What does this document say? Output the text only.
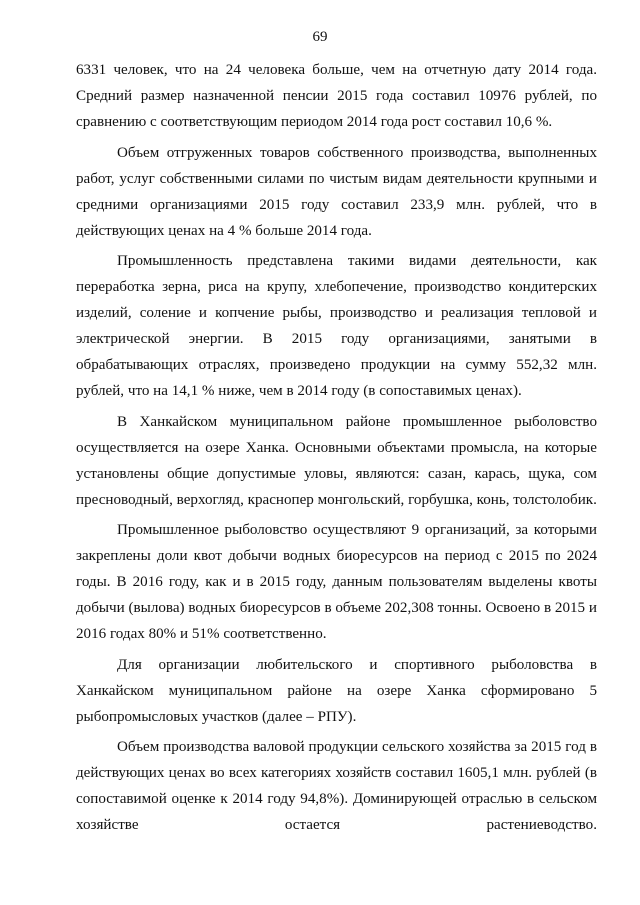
69

6331 человек, что на 24 человека больше, чем на отчетную дату 2014 года. Средний размер назначенной пенсии 2015 года составил 10976 рублей, по сравнению с соответствующим периодом 2014 года рост составил 10,6 %.

Объем отгруженных товаров собственного производства, выполненных работ, услуг собственными силами по чистым видам деятельности крупными и средними организациями 2015 году составил 233,9 млн. рублей, что в действующих ценах на 4 % больше 2014 года.

Промышленность представлена такими видами деятельности, как переработка зерна, риса на крупу, хлебопечение, производство кондитерских изделий, соление и копчение рыбы, производство и реализация тепловой и электрической энергии. В 2015 году организациями, занятыми в обрабатывающих отраслях, произведено продукции на сумму 552,32 млн. рублей, что на 14,1 % ниже, чем в 2014 году (в сопоставимых ценах).

В Ханкайском муниципальном районе промышленное рыболовство осуществляется на озере Ханка. Основными объектами промысла, на которые установлены общие допустимые уловы, являются: сазан, карась, щука, сом пресноводный, верхогляд, краснопер монгольский, горбушка, конь, толстолобик.

Промышленное рыболовство осуществляют 9 организаций, за которыми закреплены доли квот добычи водных биоресурсов на период с 2015 по 2024 годы. В 2016 году, как и в 2015 году, данным пользователям выделены квоты добычи (вылова) водных биоресурсов в объеме 202,308 тонны. Освоено в 2015 и 2016 годах 80% и 51% соответственно.

Для организации любительского и спортивного рыболовства в Ханкайском муниципальном районе на озере Ханка сформировано 5 рыбопромысловых участков (далее – РПУ).

Объем производства валовой продукции сельского хозяйства за 2015 год в действующих ценах во всех категориях хозяйств составил 1605,1 млн. рублей (в сопоставимой оценке к 2014 году 94,8%). Доминирующей отраслью в сельском хозяйстве остается растениеводство.
